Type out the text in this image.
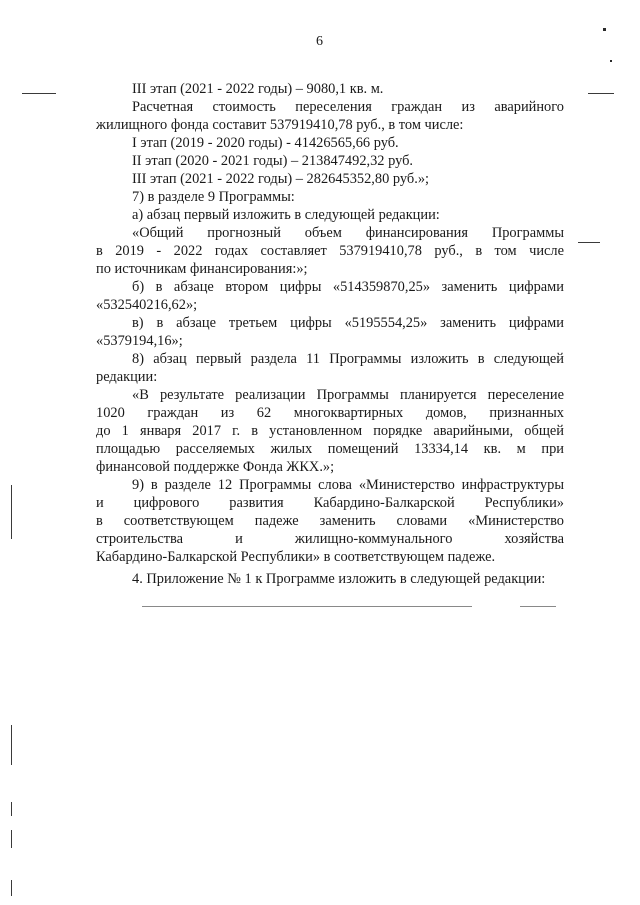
6
III этап (2021 - 2022 годы) – 9080,1 кв. м.
Расчетная стоимость переселения граждан из аварийного
жилищного фонда составит 537919410,78 руб., в том числе:
I этап (2019 - 2020 годы) - 41426565,66 руб.
II этап (2020 - 2021 годы) – 213847492,32 руб.
III этап (2021 - 2022 годы) – 282645352,80 руб.»;
7) в разделе 9 Программы:
а) абзац первый изложить в следующей редакции:
«Общий прогнозный объем финансирования Программы
в 2019 - 2022 годах составляет 537919410,78 руб., в том числе
по источникам финансирования:»;
б) в абзаце втором цифры «514359870,25» заменить цифрами
«532540216,62»;
в) в абзаце третьем цифры «5195554,25» заменить цифрами
«5379194,16»;
8) абзац первый раздела 11 Программы изложить в следующей
редакции:
«В результате реализации Программы планируется переселение
1020 граждан из 62 многоквартирных домов, признанных
до 1 января 2017 г. в установленном порядке аварийными, общей
площадью расселяемых жилых помещений 13334,14 кв. м при
финансовой поддержке Фонда ЖКХ.»;
9) в разделе 12 Программы слова «Министерство инфраструктуры
и цифрового развития Кабардино-Балкарской Республики»
в соответствующем падеже заменить словами «Министерство
строительства и жилищно-коммунального хозяйства
Кабардино-Балкарской Республики» в соответствующем падеже.
4. Приложение № 1 к Программе изложить в следующей редакции:
